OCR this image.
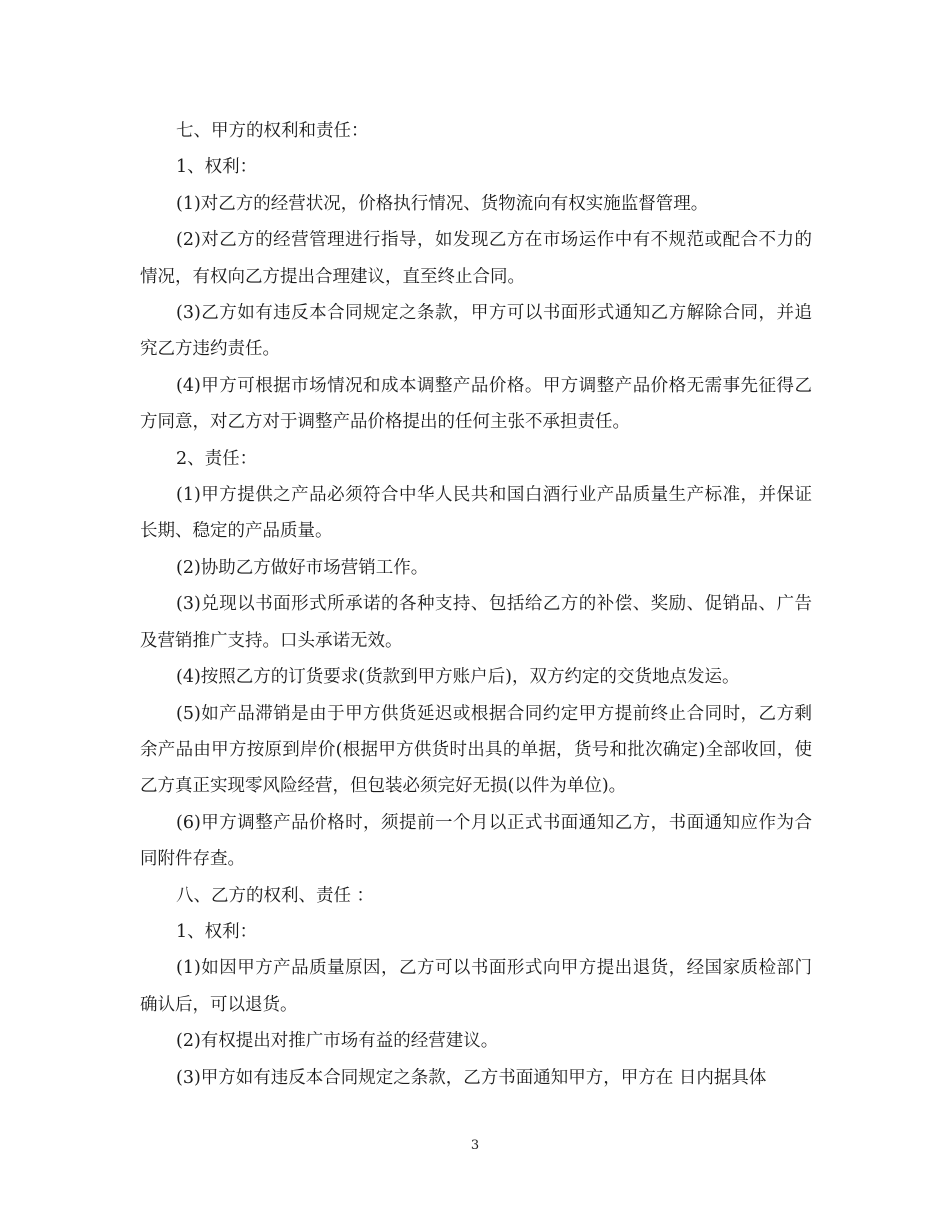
七、甲方的权利和责任：

1、权利：

(1)对乙方的经营状况，价格执行情况、货物流向有权实施监督管理。

(2)对乙方的经营管理进行指导，如发现乙方在市场运作中有不规范或配合不力的情况，有权向乙方提出合理建议，直至终止合同。

(3)乙方如有违反本合同规定之条款，甲方可以书面形式通知乙方解除合同，并追究乙方违约责任。

(4)甲方可根据市场情况和成本调整产品价格。甲方调整产品价格无需事先征得乙方同意，对乙方对于调整产品价格提出的任何主张不承担责任。

2、责任：

(1)甲方提供之产品必须符合中华人民共和国白酒行业产品质量生产标准，并保证长期、稳定的产品质量。

(2)协助乙方做好市场营销工作。

(3)兑现以书面形式所承诺的各种支持、包括给乙方的补偿、奖励、促销品、广告及营销推广支持。口头承诺无效。

(4)按照乙方的订货要求(货款到甲方账户后)，双方约定的交货地点发运。

(5)如产品滞销是由于甲方供货延迟或根据合同约定甲方提前终止合同时，乙方剩余产品由甲方按原到岸价(根据甲方供货时出具的单据，货号和批次确定)全部收回，使乙方真正实现零风险经营，但包装必须完好无损(以件为单位)。

(6)甲方调整产品价格时，须提前一个月以正式书面通知乙方，书面通知应作为合同附件存查。

八、乙方的权利、责任 ：

1、权利：

(1)如因甲方产品质量原因，乙方可以书面形式向甲方提出退货，经国家质检部门确认后，可以退货。

(2)有权提出对推广市场有益的经营建议。

(3)甲方如有违反本合同规定之条款，乙方书面通知甲方，甲方在 日内据具体

3
